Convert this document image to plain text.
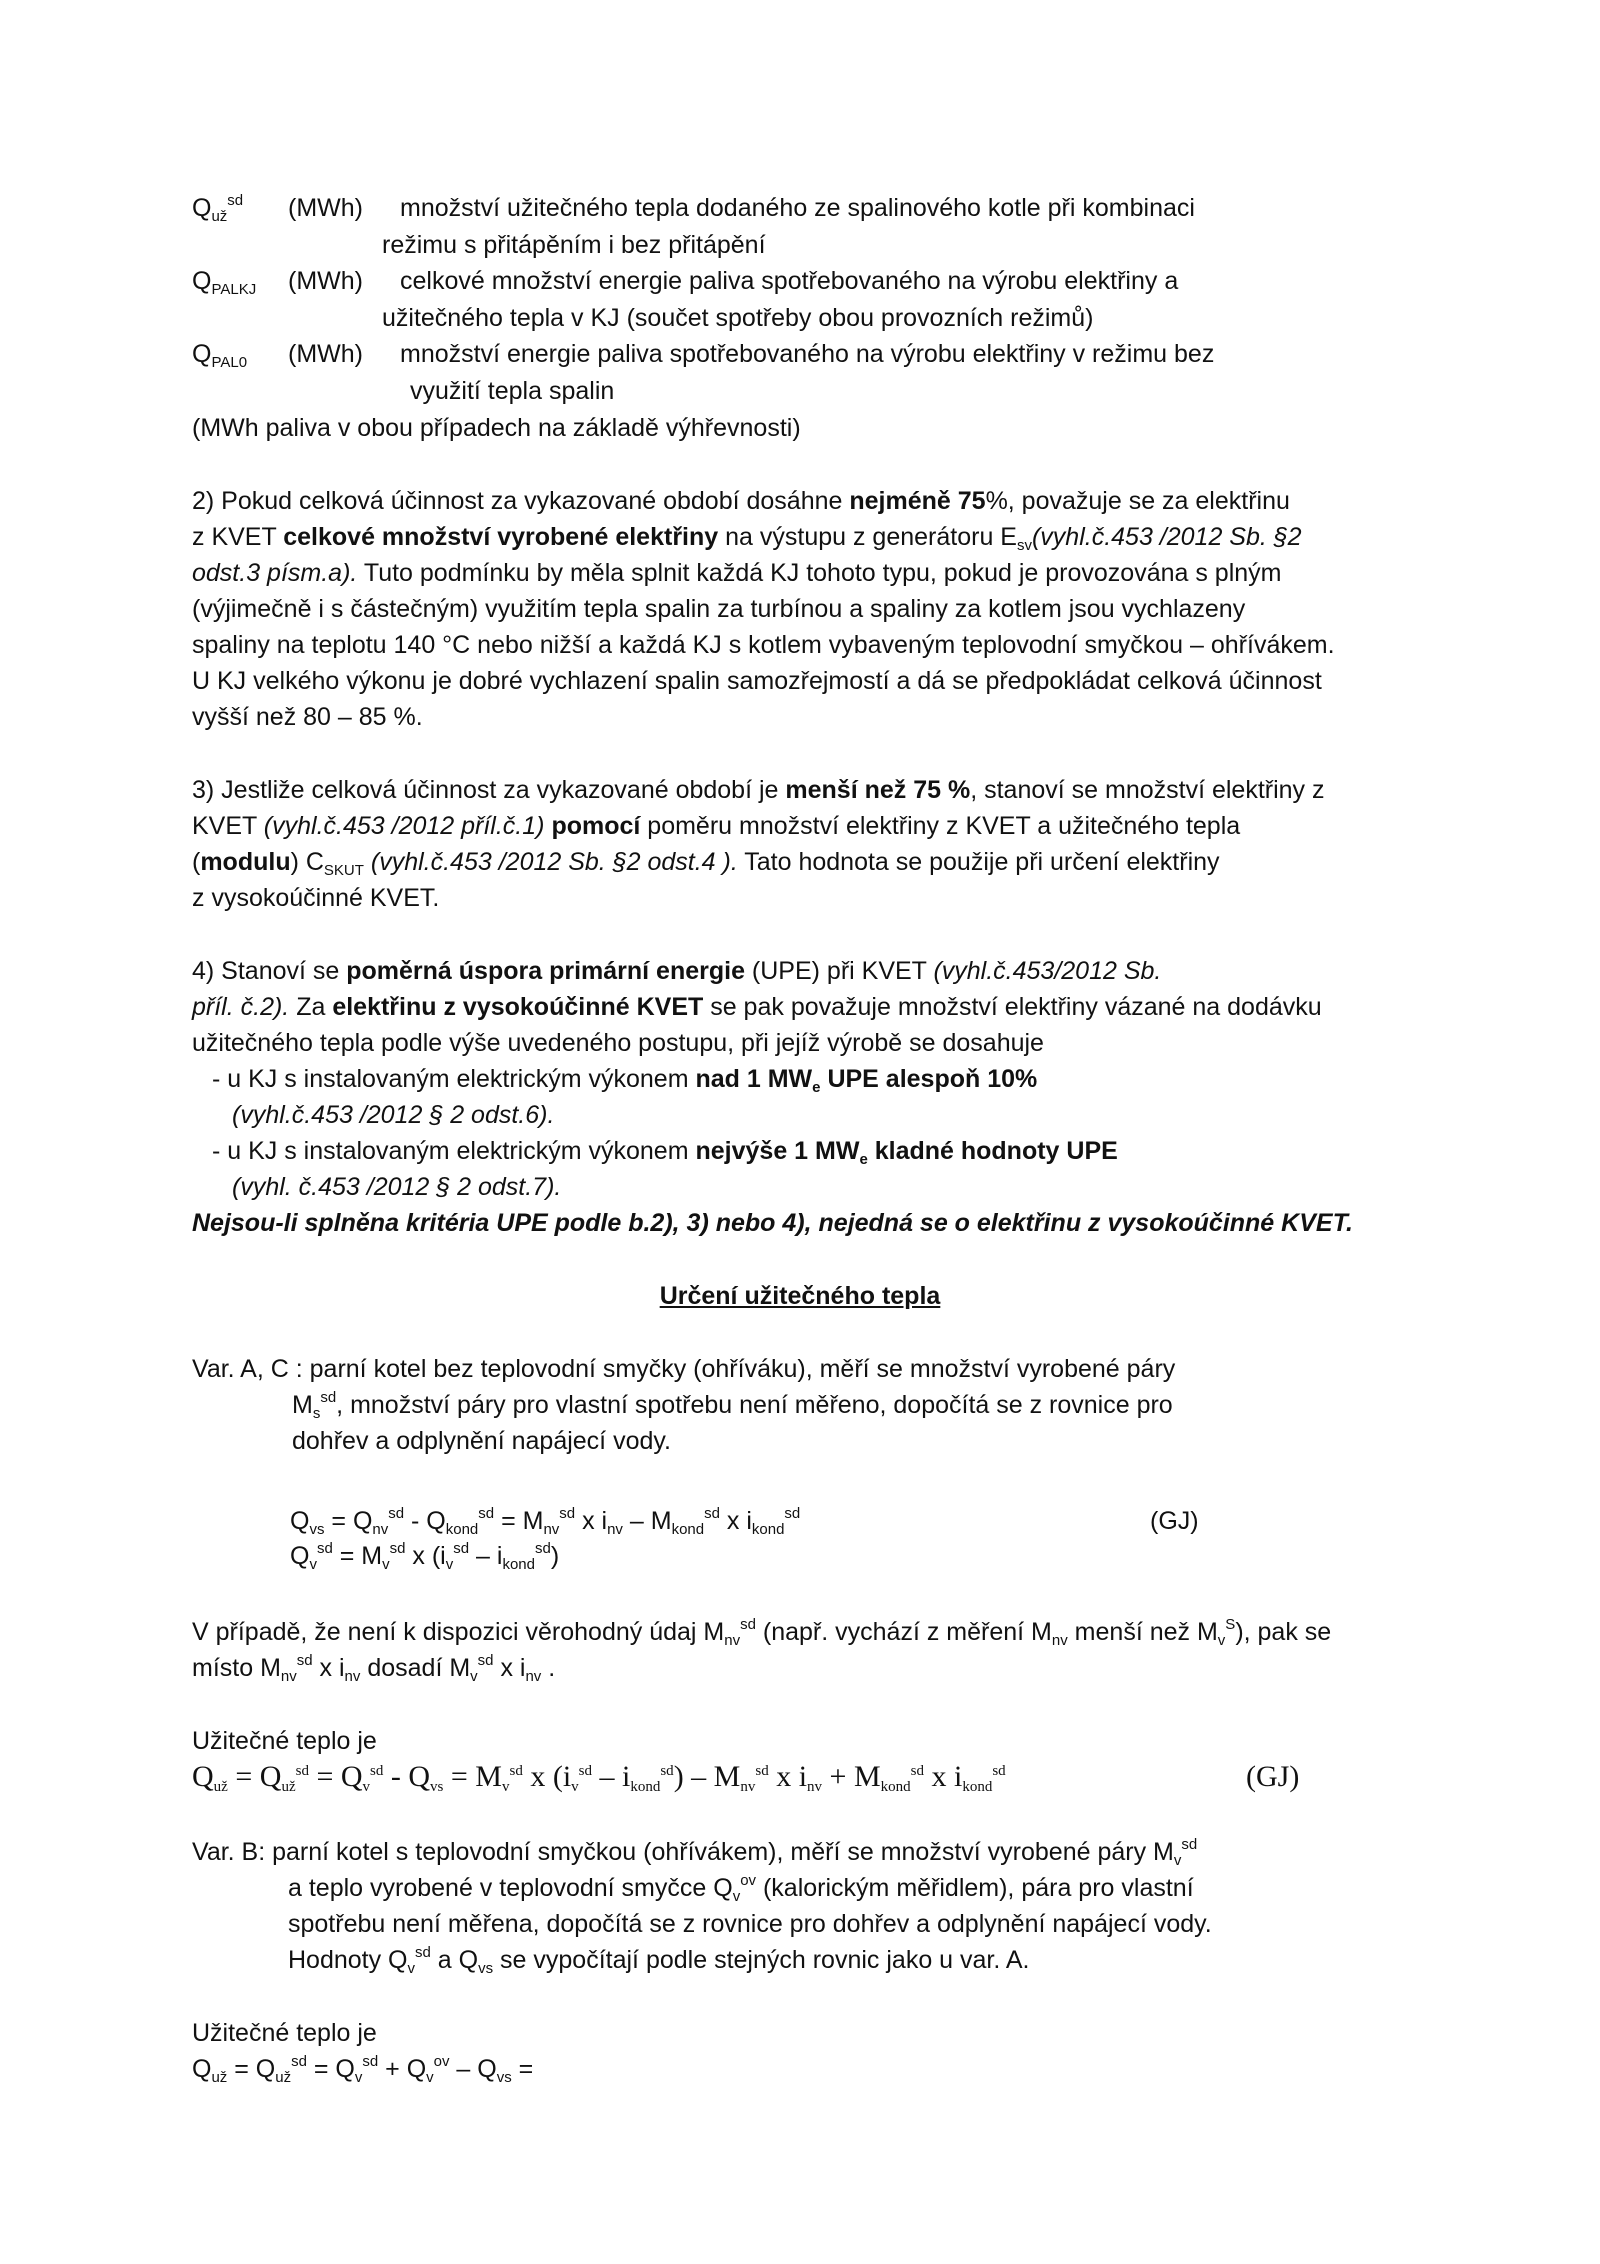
$Q_{už}^{sd}$ (MWh) množství užitečného tepla dodaného ze spalinového kotle při kombinaci
režimu s přitápěním i bez přitápění
$Q_{PALKJ}$ (MWh) celkové množství energie paliva spotřebovaného na výrobu elektřiny a
užitečného tepla v KJ (součet spotřeby obou provozních režimů)
$Q_{PAL0}$ (MWh) množství energie paliva spotřebovaného na výrobu elektřiny v režimu bez
využití tepla spalin
(MWh paliva v obou případech na základě výhřevnosti)
2) Pokud celková účinnost za vykazované období dosáhne nejméně 75%, považuje se za elektřinu
z KVET celkové množství vyrobené elektřiny na výstupu z generátoru $E_{sv}(vyhl.č.453$ /2012 Sb. §2
odst.3 písm.a). Tuto podmínku by měla splnit každá KJ tohoto typu, pokud je provozována s plným
(výjimečně i s částečným) využitím tepla spalin za turbínou a spaliny za kotlem jsou vychlazeny
spaliny na teplotu 140 °C nebo nižší a každá KJ s kotlem vybaveným teplovodní smyčkou – ohřívákem.
U KJ velkého výkonu je dobré vychlazení spalin samozřejmostí a dá se předpokládat celková účinnost
vyšší než 80 – 85 %.
3) Jestliže celková účinnost za vykazované období je menší než 75 %, stanoví se množství elektřiny z
KVET (vyhl.č.453 /2012 příl.č.1) pomocí poměru množství elektřiny z KVET a užitečného tepla
(modulu) $C_{SKUT}$ (vyhl.č.453 /2012 Sb. §2 odst.4 ). Tato hodnota se použije při určení elektřiny
z vysokoúčinné KVET.
4) Stanoví se poměrná úspora primární energie (UPE) při KVET (vyhl.č.453/2012 Sb.
příl. č.2). Za elektřinu z vysokoúčinné KVET se pak považuje množství elektřiny vázané na dodávku
užitečného tepla podle výše uvedeného postupu, při jejíž výrobě se dosahuje
- u KJ s instalovaným elektrickým výkonem nad 1 $MW_e$ UPE alespoň 10%
(vyhl.č.453 /2012 § 2 odst.6).
- u KJ s instalovaným elektrickým výkonem nejvýše 1 $MW_e$ kladné hodnoty UPE
(vyhl. č.453 /2012 § 2 odst.7).
Nejsou-li splněna kritéria UPE podle b.2), 3) nebo 4), nejedná se o elektřinu z vysokoúčinné KVET.
Určení užitečného tepla
Var. A, C : parní kotel bez teplovodní smyčky (ohříváku), měří se množství vyrobené páry
$M_s^{sd}$, množství páry pro vlastní spotřebu není měřeno, dopočítá se z rovnice pro
dohřev a odplynění napájecí vody.
$Q_{vs} = Q_{nv}^{sd} - Q_{kond}^{sd} = M_{nv}^{sd}$ x $i_{nv} - M_{kond}^{sd}$ x $i_{kond}^{sd}$	(GJ)
$Q_v^{sd} = M_v^{sd}$ x $(i_v^{sd} - i_{kond}^{sd})$
V případě, že není k dispozici věrohodný údaj $M_{nv}^{sd}$ (např. vychází z měření $M_{nv}$ menší než $M_v^S$), pak se
místo $M_{nv}^{sd}$ x $i_{nv}$ dosadí $M_v^{sd}$ x $i_{nv}$ .
Užitečné teplo je
$Q_{už} = Q_{už}^{sd} = Q_v^{sd} - Q_{vs} = M_v^{sd}$ x $(i_v^{sd} - i_{kond}^{sd}) - M_{nv}^{sd}$ x $i_{nv} + M_{kond}^{sd}$ x $i_{kond}^{sd}$	(GJ)
Var. B: parní kotel s teplovodní smyčkou (ohřívákem), měří se množství vyrobené páry $M_v^{sd}$
a teplo vyrobené v teplovodní smyčce $Q_v^{ov}$ (kalorickým měřidlem), pára pro vlastní
spotřebu není měřena, dopočítá se z rovnice pro dohřev a odplynění napájecí vody.
Hodnoty $Q_v^{sd}$ a $Q_{vs}$ se vypočítají podle stejných rovnic jako u var. A.
Užitečné teplo je
$Q_{už} = Q_{už}^{sd} = Q_v^{sd} + Q_v^{ov} - Q_{vs}$ =
